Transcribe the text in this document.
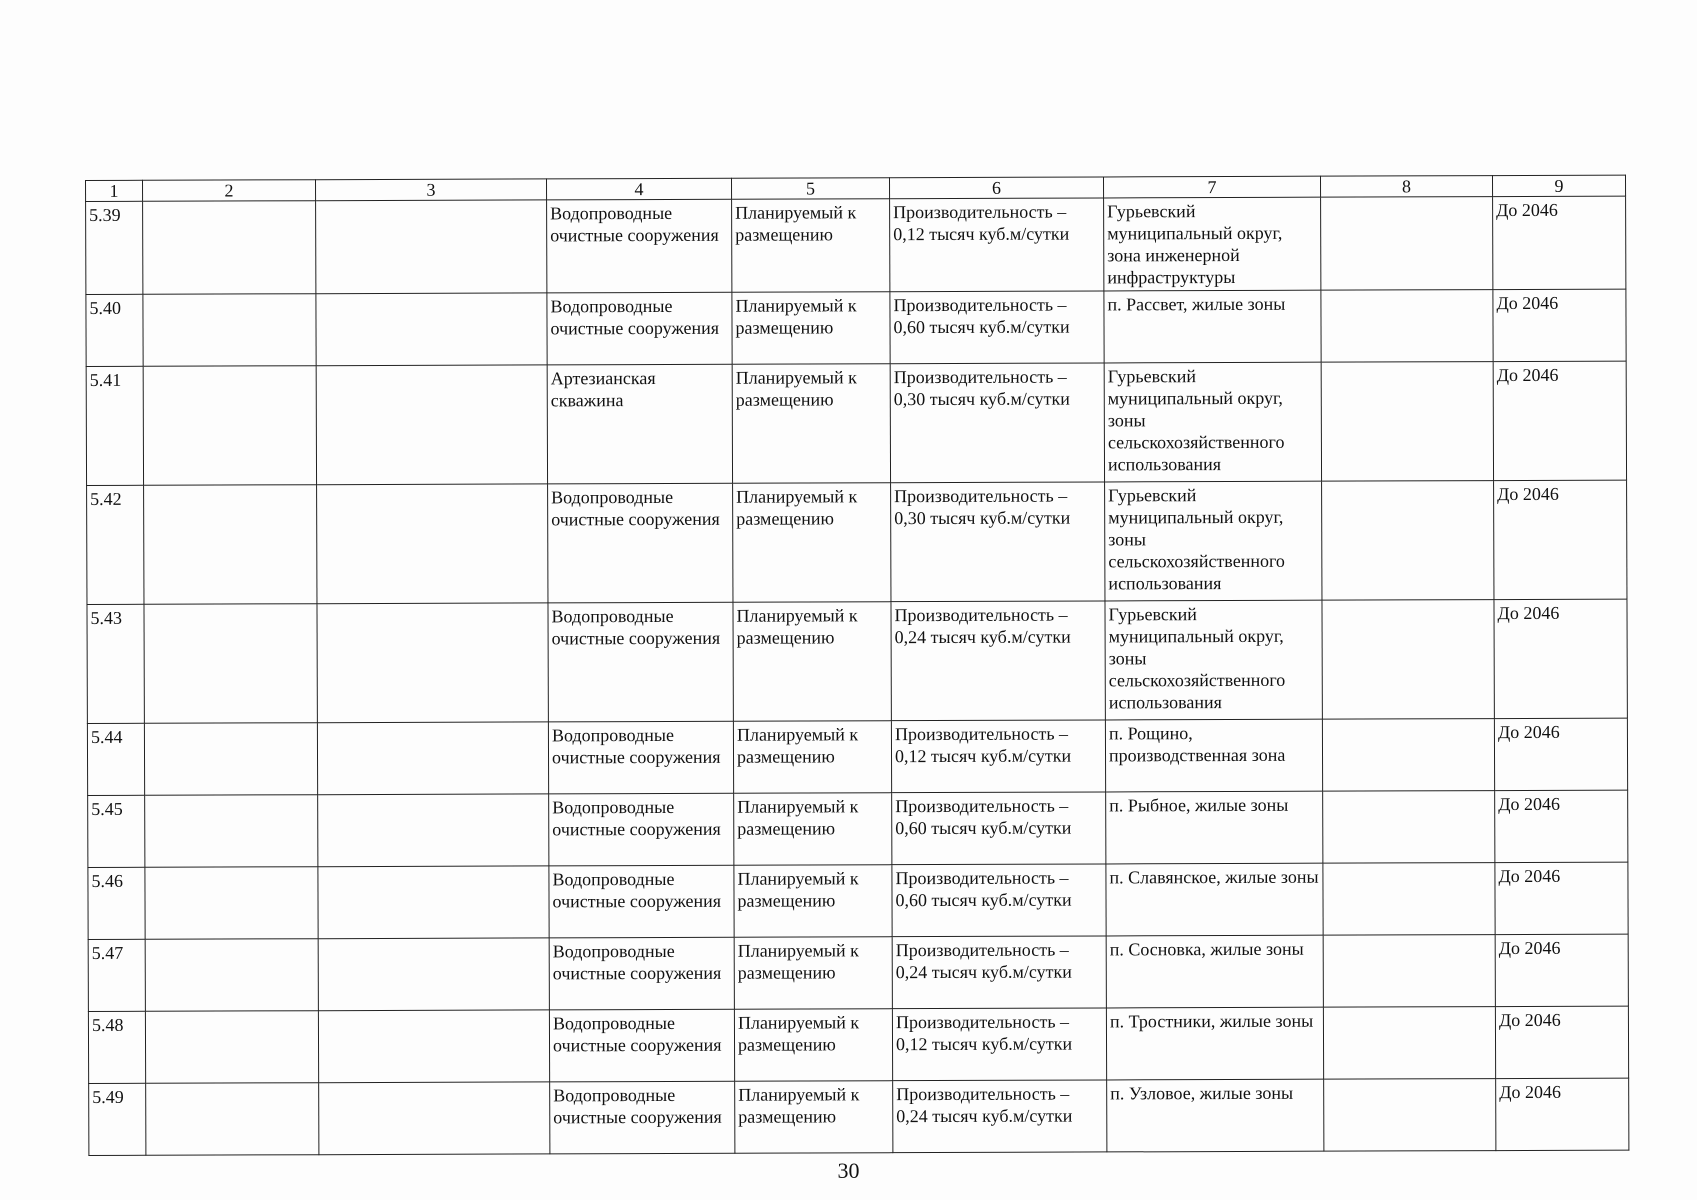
1	2	3	4	5	6	7	8	9
5.39			Водопроводные очистные сооружения	Планируемый к размещению	Производительность – 0,12 тысяч куб.м/сутки	Гурьевский муниципальный округ, зона инженерной инфраструктуры		До 2046
5.40			Водопроводные очистные сооружения	Планируемый к размещению	Производительность – 0,60 тысяч куб.м/сутки	п. Рассвет, жилые зоны		До 2046
5.41			Артезианская скважина	Планируемый к размещению	Производительность – 0,30 тысяч куб.м/сутки	Гурьевский муниципальный округ, зоны сельскохозяйственного использования		До 2046
5.42			Водопроводные очистные сооружения	Планируемый к размещению	Производительность – 0,30 тысяч куб.м/сутки	Гурьевский муниципальный округ, зоны сельскохозяйственного использования		До 2046
5.43			Водопроводные очистные сооружения	Планируемый к размещению	Производительность – 0,24 тысяч куб.м/сутки	Гурьевский муниципальный округ, зоны сельскохозяйственного использования		До 2046
5.44			Водопроводные очистные сооружения	Планируемый к размещению	Производительность – 0,12 тысяч куб.м/сутки	п. Рощино, производственная зона		До 2046
5.45			Водопроводные очистные сооружения	Планируемый к размещению	Производительность – 0,60 тысяч куб.м/сутки	п. Рыбное, жилые зоны		До 2046
5.46			Водопроводные очистные сооружения	Планируемый к размещению	Производительность – 0,60 тысяч куб.м/сутки	п. Славянское, жилые зоны		До 2046
5.47			Водопроводные очистные сооружения	Планируемый к размещению	Производительность – 0,24 тысяч куб.м/сутки	п. Сосновка, жилые зоны		До 2046
5.48			Водопроводные очистные сооружения	Планируемый к размещению	Производительность – 0,12 тысяч куб.м/сутки	п. Тростники, жилые зоны		До 2046
5.49			Водопроводные очистные сооружения	Планируемый к размещению	Производительность – 0,24 тысяч куб.м/сутки	п. Узловое, жилые зоны		До 2046
30
